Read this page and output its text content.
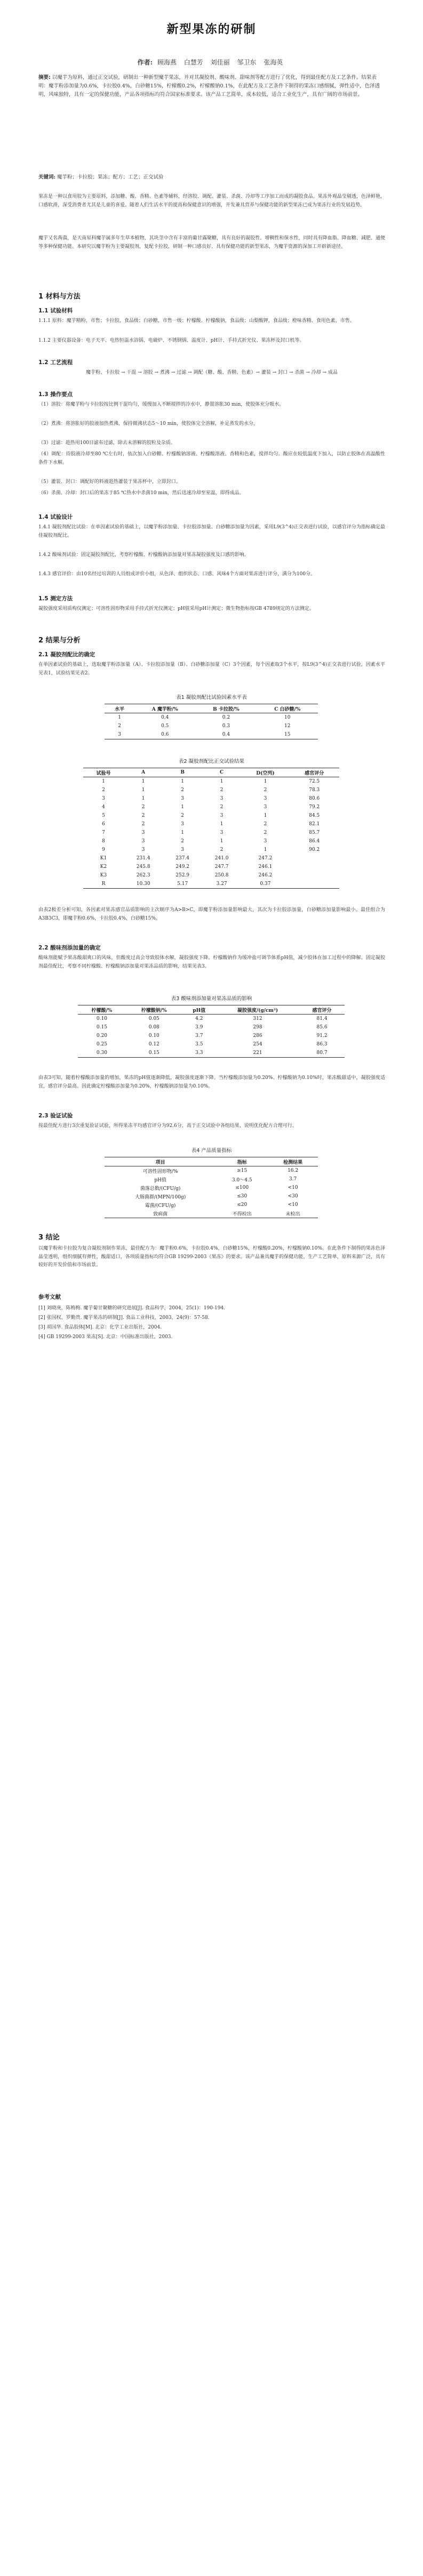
新型果冻的研制
作者: 顾海燕 白慧芳 刘佳丽 邹卫东 张海英
摘要: 以魔芋为原料，通过正交试验，研制出一种新型魔芋果冻，并对其凝胶剂、酸味剂、甜味剂等配方进行了优化，得到最佳配方及工艺条件。结果表明：魔芋粉添加量为0.6%，卡拉胶0.4%，白砂糖15%，柠檬酸0.2%，柠檬酸钠0.1%，在此配方及工艺条件下制得的果冻口感细腻，弹性适中，色泽透明，风味独特，具有一定的保健功能，产品各项指标均符合国家标准要求。该产品工艺简单，成本较低，适合工业化生产，具有广阔的市场前景。
关键词: 魔芋粉；卡拉胶；果冻；配方；工艺；正交试验
果冻是一种以食用胶为主要原料，添加糖、酸、香精、色素等辅料，经溶胶、调配、灌装、杀菌、冷却等工序加工而成的凝胶食品。果冻外观晶莹剔透，色泽鲜艳，口感软滑，深受消费者尤其是儿童的喜爱。随着人们生活水平的提高和保健意识的增强，开发兼具营养与保健功能的新型果冻已成为果冻行业的发展趋势。
魔芋又名蒟蒻，是天南星科魔芋属多年生草本植物，其块茎中含有丰富的葡甘露聚糖，具有良好的凝胶性、增稠性和保水性，同时具有降血脂、降血糖、减肥、通便等多种保健功能。本研究以魔芋粉为主要凝胶剂，复配卡拉胶，研制一种口感良好、具有保健功能的新型果冻，为魔芋资源的深加工开辟新途径。
1 材料与方法
1.1 试验材料
1.1.1 原料：魔芋精粉，市售；卡拉胶，食品级；白砂糖，市售一级；柠檬酸、柠檬酸钠，食品级；山梨酸钾，食品级；橙味香精、食用色素，市售。
1.1.2 主要仪器设备：电子天平、电热恒温水浴锅、电磁炉、不锈钢锅、温度计、pH计、手持式折光仪、果冻杯及封口机等。
1.2 工艺流程
魔芋粉、卡拉胶 → 干混 → 溶胶 → 煮沸 → 过滤 → 调配（糖、酸、香精、色素）→ 灌装 → 封口 → 杀菌 → 冷却 → 成品
1.3 操作要点
（1）溶胶：将魔芋粉与卡拉胶按比例干混均匀，缓慢加入不断搅拌的冷水中，静置溶胀30 min，使胶体充分吸水。
（2）煮沸：将溶胀好的胶液加热煮沸，保持微沸状态5～10 min，使胶体完全溶解，补足蒸发的水分。
（3）过滤：趁热用100目滤布过滤，除去未溶解的胶粒及杂质。
（4）调配：待胶液冷却至80 ℃左右时，依次加入白砂糖、柠檬酸钠溶液、柠檬酸溶液、香精和色素，搅拌均匀。酸应在较低温度下加入，以防止胶体在高温酸性条件下水解。
（5）灌装、封口：调配好的料液趁热灌装于果冻杯中，立即封口。
（6）杀菌、冷却：封口后的果冻于85 ℃热水中杀菌10 min，然后迅速冷却至室温，即得成品。
1.4 试验设计
1.4.1 凝胶剂配比试验：在单因素试验的基础上，以魔芋粉添加量、卡拉胶添加量、白砂糖添加量为因素，采用L9(3^4)正交表进行试验，以感官评分为指标确定最佳凝胶剂配比。
1.4.2 酸味剂试验：固定凝胶剂配比，考察柠檬酸、柠檬酸钠添加量对果冻凝胶强度及口感的影响。
1.4.3 感官评价：由10名经过培训的人员组成评价小组，从色泽、组织状态、口感、风味4个方面对果冻进行评分，满分为100分。
1.5 测定方法
凝胶强度采用质构仪测定；可溶性固形物采用手持式折光仪测定；pH值采用pH计测定；微生物指标按GB 4789规定的方法测定。
2 结果与分析
2.1 凝胶剂配比的确定
在单因素试验的基础上，选取魔芋粉添加量（A）、卡拉胶添加量（B）、白砂糖添加量（C）3个因素，每个因素取3个水平，按L9(3^4)正交表进行试验，因素水平见表1，试验结果见表2。
表1 凝胶剂配比试验因素水平表
水平	A 魔芋粉/%	B 卡拉胶/%	C 白砂糖/%
1	0.4	0.2	10
2	0.5	0.3	12
3	0.6	0.4	15
表2 凝胶剂配比正交试验结果
试验号	A	B	C	D(空列)	感官评分
1	1	1	1	1	72.5
2	1	2	2	2	78.3
3	1	3	3	3	80.6
4	2	1	2	3	79.2
5	2	2	3	1	84.5
6	2	3	1	2	82.1
7	3	1	3	2	85.7
8	3	2	1	3	86.4
9	3	3	2	1	90.2
K1	231.4	237.4	241.0	247.2	
K2	245.8	249.2	247.7	246.1	
K3	262.3	252.9	250.8	246.2	
R	10.30	5.17	3.27	0.37	
由表2极差分析可知，各因素对果冻感官品质影响的主次顺序为A>B>C，即魔芋粉添加量影响最大，其次为卡拉胶添加量，白砂糖添加量影响最小。最佳组合为A3B3C3，即魔芋粉0.6%，卡拉胶0.4%，白砂糖15%。
2.2 酸味剂添加量的确定
酸味剂能赋予果冻酸甜爽口的风味，但酸度过高会导致胶体水解，凝胶强度下降。柠檬酸钠作为缓冲盐可调节体系pH值，减少胶体在加工过程中的降解。固定凝胶剂最佳配比，考察不同柠檬酸、柠檬酸钠添加量对果冻品质的影响，结果见表3。
表3 酸味剂添加量对果冻品质的影响
柠檬酸/%	柠檬酸钠/%	pH值	凝胶强度/(g/cm²)	感官评分
0.10	0.05	4.2	312	81.4
0.15	0.08	3.9	298	85.6
0.20	0.10	3.7	286	91.2
0.25	0.12	3.5	254	86.3
0.30	0.15	3.3	221	80.7
由表3可知，随着柠檬酸添加量的增加，果冻的pH值逐渐降低，凝胶强度逐渐下降。当柠檬酸添加量为0.20%、柠檬酸钠为0.10%时，果冻酸甜适中，凝胶强度适宜，感官评分最高。因此确定柠檬酸添加量为0.20%，柠檬酸钠添加量为0.10%。
2.3 验证试验
按最佳配方进行3次重复验证试验，所得果冻平均感官评分为92.6分，高于正交试验中各组结果，说明优化配方合理可行。
表4 产品质量指标
项目	指标	检测结果
可溶性固形物/%	≥15	16.2
pH值	3.0～4.5	3.7
菌落总数/(CFU/g)	≤100	<10
大肠菌群/(MPN/100g)	≤30	<30
霉菌/(CFU/g)	≤20	<10
致病菌	不得检出	未检出
3 结论
以魔芋粉和卡拉胶为复合凝胶剂制作果冻，最佳配方为：魔芋粉0.6%，卡拉胶0.4%，白砂糖15%，柠檬酸0.20%，柠檬酸钠0.10%。在此条件下制得的果冻色泽晶莹透明，组织细腻有弹性，酸甜适口，各项质量指标均符合GB 19299-2003《果冻》的要求。该产品兼具魔芋的保健功能，生产工艺简单，原料来源广泛，具有较好的开发价值和市场前景。
参考文献
[1] 刘晓庚，陈梅梅. 魔芋葡甘聚糖的研究进展[J]. 食品科学，2004，25(1)：190-194.
[2] 张国权，罗勤贵. 魔芋果冻的研制[J]. 食品工业科技，2003，24(9)：57-58.
[3] 胡国华. 食品胶体[M]. 北京：化学工业出版社，2004.
[4] GB 19299-2003 果冻[S]. 北京：中国标准出版社，2003.
